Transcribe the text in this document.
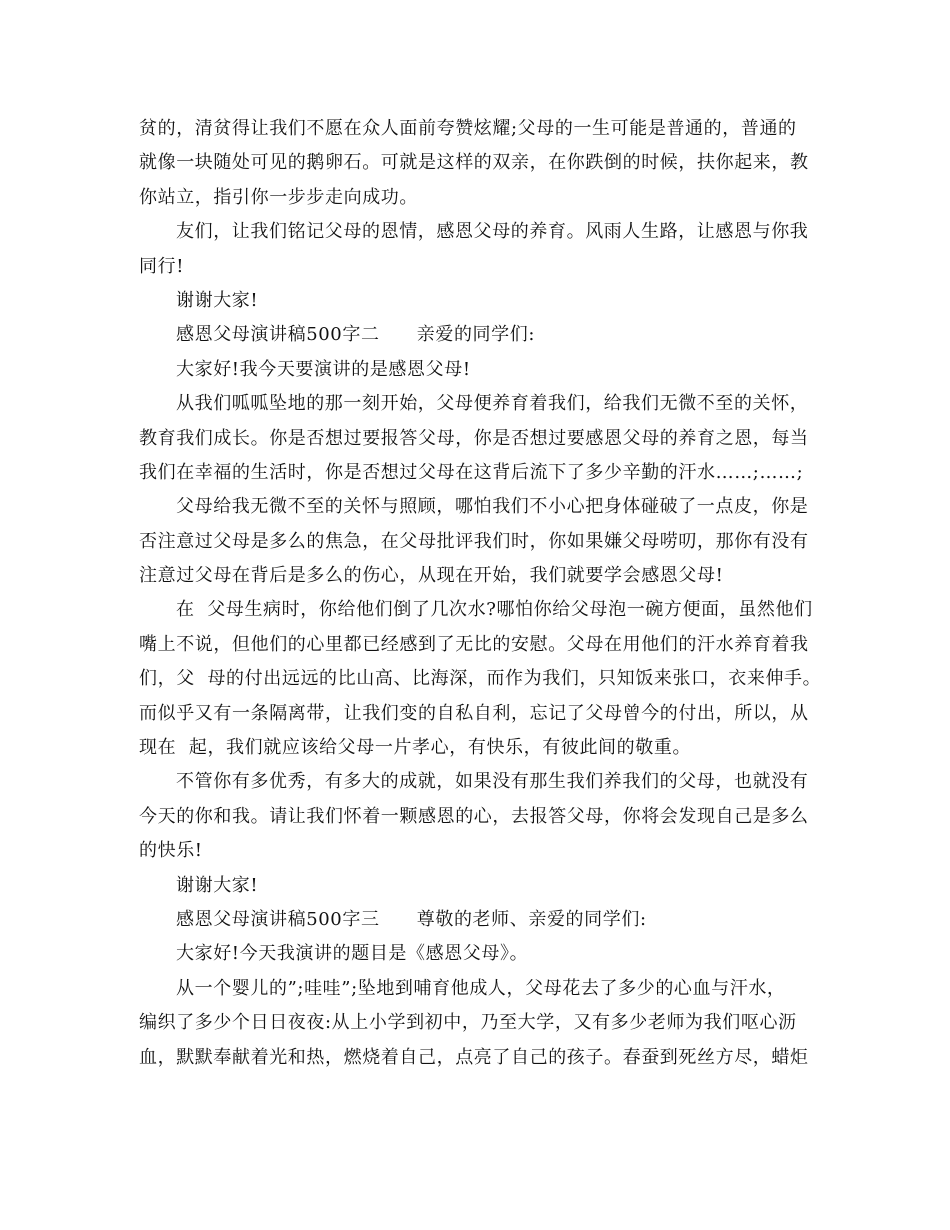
贫的，清贫得让我们不愿在众人面前夸赞炫耀;父母的一生可能是普通的，普通的
就像一块随处可见的鹅卵石。可就是这样的双亲，在你跌倒的时候，扶你起来，教
你站立，指引你一步步走向成功。
友们，让我们铭记父母的恩情，感恩父母的养育。风雨人生路，让感恩与你我
同行!
谢谢大家!
感恩父母演讲稿500字二　　亲爱的同学们:
大家好!我今天要演讲的是感恩父母!
从我们呱呱坠地的那一刻开始，父母便养育着我们，给我们无微不至的关怀，
教育我们成长。你是否想过要报答父母，你是否想过要感恩父母的养育之恩，每当
我们在幸福的生活时，你是否想过父母在这背后流下了多少辛勤的汗水……;……;
父母给我无微不至的关怀与照顾，哪怕我们不小心把身体碰破了一点皮，你是
否注意过父母是多么的焦急，在父母批评我们时，你如果嫌父母唠叨，那你有没有
注意过父母在背后是多么的伤心，从现在开始，我们就要学会感恩父母!
在  父母生病时，你给他们倒了几次水?哪怕你给父母泡一碗方便面，虽然他们
嘴上不说，但他们的心里都已经感到了无比的安慰。父母在用他们的汗水养育着我
们，父  母的付出远远的比山高、比海深，而作为我们，只知饭来张口，衣来伸手。
而似乎又有一条隔离带，让我们变的自私自利，忘记了父母曾今的付出，所以，从
现在  起，我们就应该给父母一片孝心，有快乐，有彼此间的敬重。
不管你有多优秀，有多大的成就，如果没有那生我们养我们的父母，也就没有
今天的你和我。请让我们怀着一颗感恩的心，去报答父母，你将会发现自己是多么
的快乐!
谢谢大家!
感恩父母演讲稿500字三　　尊敬的老师、亲爱的同学们:
大家好!今天我演讲的题目是《感恩父母》。
从一个婴儿的”;哇哇”;坠地到哺育他成人，父母花去了多少的心血与汗水，
编织了多少个日日夜夜:从上小学到初中，乃至大学，又有多少老师为我们呕心沥
血，默默奉献着光和热，燃烧着自己，点亮了自己的孩子。春蚕到死丝方尽，蜡炬
